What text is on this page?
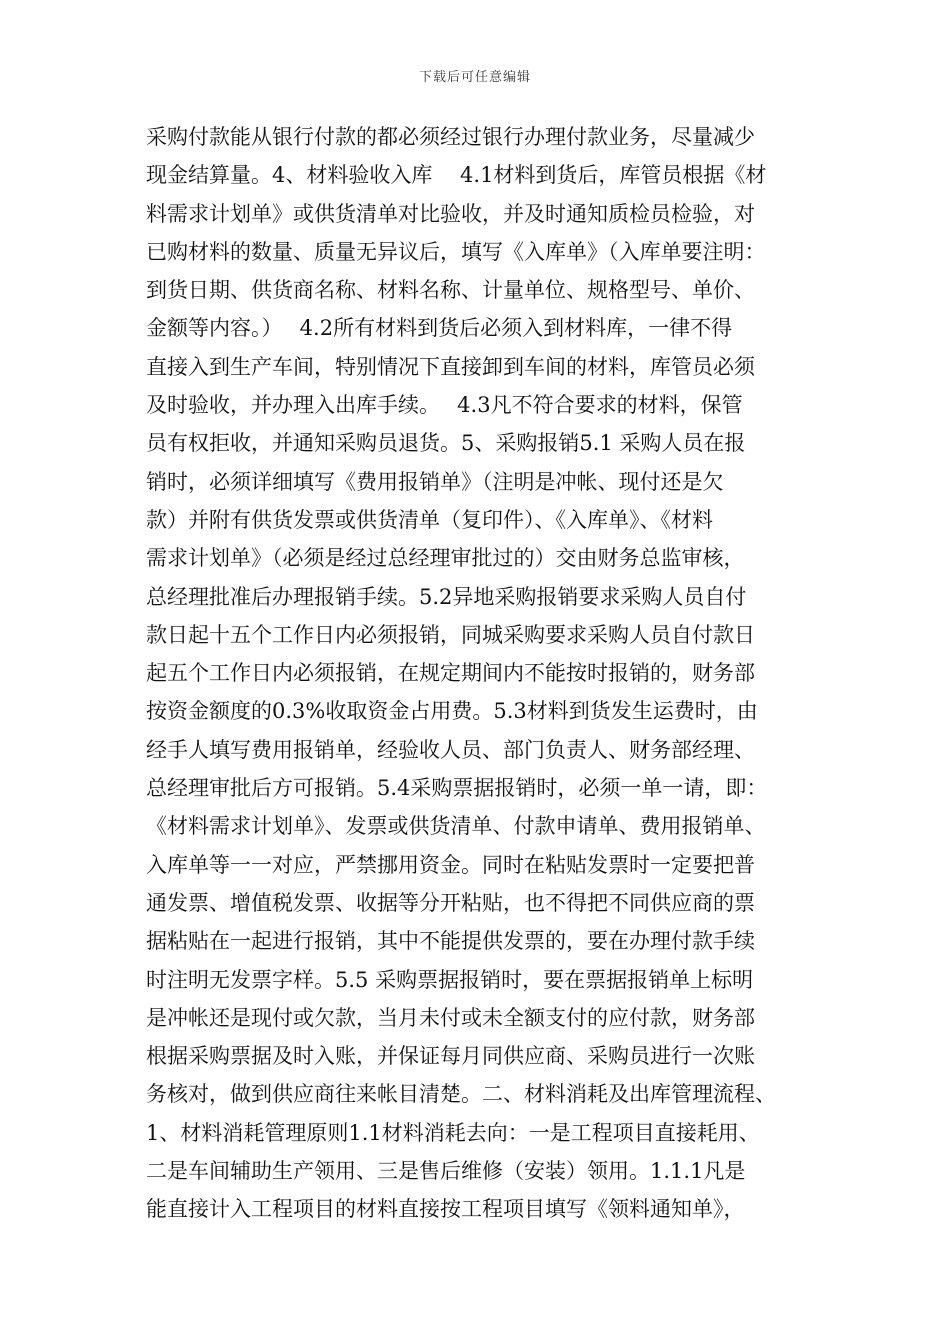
下载后可任意编辑
采购付款能从银行付款的都必须经过银行办理付款业务，尽量减少
现金结算量。4、材料验收入库　 4.1材料到货后，库管员根据《材
料需求计划单》或供货清单对比验收，并及时通知质检员检验，对
已购材料的数量、质量无异议后，填写《入库单》（入库单要注明：
到货日期、供货商名称、材料名称、计量单位、规格型号、单价、
金额等内容。）　 4.2所有材料到货后必须入到材料库，一律不得
直接入到生产车间，特别情况下直接卸到车间的材料，库管员必须
及时验收，并办理入出库手续。　 4.3凡不符合要求的材料，保管
员有权拒收，并通知采购员退货。5、采购报销5.1 采购人员在报
销时，必须详细填写《费用报销单》（注明是冲帐、现付还是欠
款）并附有供货发票或供货清单（复印件）、《入库单》、《材料
需求计划单》（必须是经过总经理审批过的）交由财务总监审核，
总经理批准后办理报销手续。5.2异地采购报销要求采购人员自付
款日起十五个工作日内必须报销，同城采购要求采购人员自付款日
起五个工作日内必须报销，在规定期间内不能按时报销的，财务部
按资金额度的0.3%收取资金占用费。5.3材料到货发生运费时，由
经手人填写费用报销单，经验收人员、部门负责人、财务部经理、
总经理审批后方可报销。5.4采购票据报销时，必须一单一请，即：
《材料需求计划单》、发票或供货清单、付款申请单、费用报销单、
入库单等一一对应，严禁挪用资金。同时在粘贴发票时一定要把普
通发票、增值税发票、收据等分开粘贴，也不得把不同供应商的票
据粘贴在一起进行报销，其中不能提供发票的，要在办理付款手续
时注明无发票字样。5.5 采购票据报销时，要在票据报销单上标明
是冲帐还是现付或欠款，当月未付或未全额支付的应付款，财务部
根据采购票据及时入账，并保证每月同供应商、采购员进行一次账
务核对，做到供应商往来帐目清楚。二、材料消耗及出库管理流程、
1、材料消耗管理原则1.1材料消耗去向：一是工程项目直接耗用、
二是车间辅助生产领用、三是售后维修（安装）领用。1.1.1凡是
能直接计入工程项目的材料直接按工程项目填写《领料通知单》，
